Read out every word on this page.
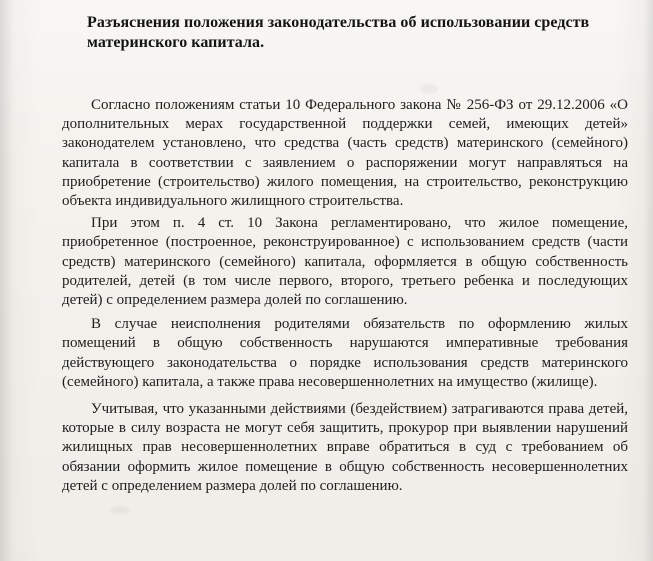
Разъяснения положения законодательства об использовании средств материнского капитала.

Согласно положениям статьи 10 Федерального закона № 256-ФЗ от 29.12.2006 «О дополнительных мерах государственной поддержки семей, имеющих детей» законодателем установлено, что средства (часть средств) материнского (семейного) капитала в соответствии с заявлением о распоряжении могут направляться на приобретение (строительство) жилого помещения, на строительство, реконструкцию объекта индивидуального жилищного строительства.

При этом п. 4 ст. 10 Закона регламентировано, что жилое помещение, приобретенное (построенное, реконструированное) с использованием средств (части средств) материнского (семейного) капитала, оформляется в общую собственность родителей, детей (в том числе первого, второго, третьего ребенка и последующих детей) с определением размера долей по соглашению.

В случае неисполнения родителями обязательств по оформлению жилых помещений в общую собственность нарушаются императивные требования действующего законодательства о порядке использования средств материнского (семейного) капитала, а также права несовершеннолетних на имущество (жилище).

Учитывая, что указанными действиями (бездействием) затрагиваются права детей, которые в силу возраста не могут себя защитить, прокурор при выявлении нарушений жилищных прав несовершеннолетних вправе обратиться в суд с требованием об обязании оформить жилое помещение в общую собственность несовершеннолетних детей с определением размера долей по соглашению.
